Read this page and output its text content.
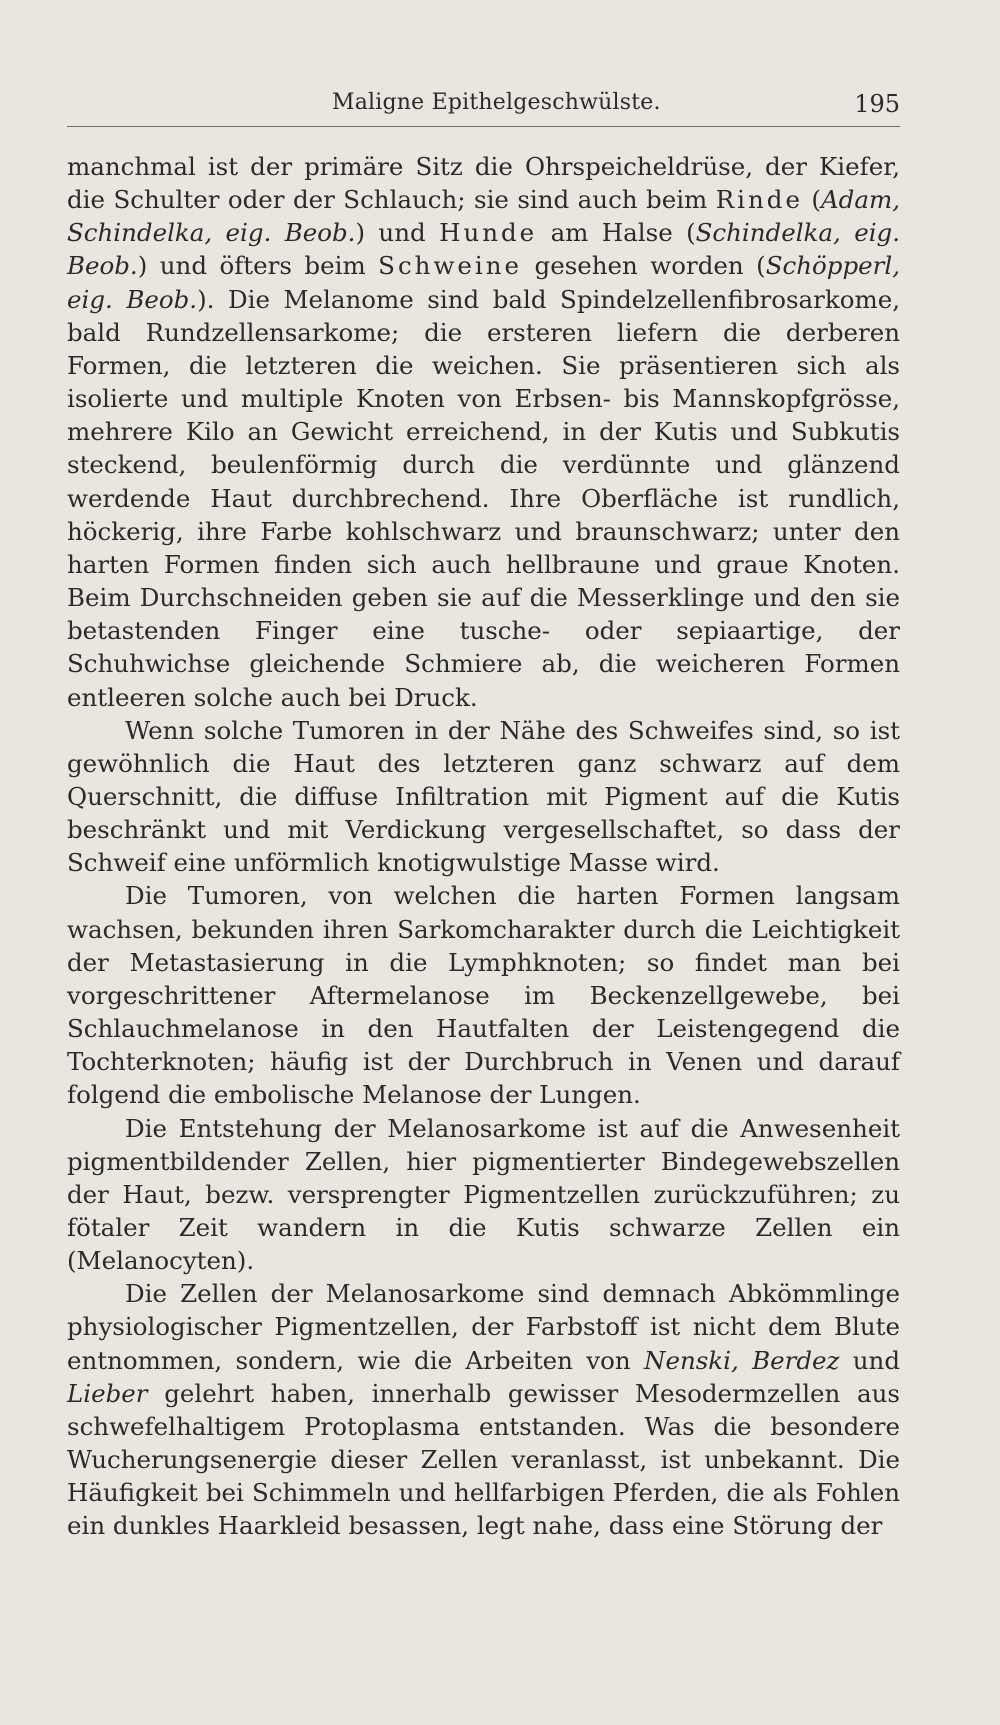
Maligne Epithelgeschwülste.	195

manchmal ist der primäre Sitz die Ohrspeicheldrüse, der Kiefer, die Schulter oder der Schlauch; sie sind auch beim Rinde (Adam, Schindelka, eig. Beob.) und Hunde am Halse (Schindelka, eig. Beob.) und öfters beim Schweine gesehen worden (Schöpperl, eig. Beob.). Die Melanome sind bald Spindelzellenfibrosarkome, bald Rundzellensarkome; die ersteren liefern die derberen Formen, die letzteren die weichen. Sie präsentieren sich als isolierte und multiple Knoten von Erbsen- bis Mannskopfgrösse, mehrere Kilo an Gewicht erreichend, in der Kutis und Subkutis steckend, beulenförmig durch die verdünnte und glänzend werdende Haut durchbrechend. Ihre Oberfläche ist rundlich, höckerig, ihre Farbe kohlschwarz und braunschwarz; unter den harten Formen finden sich auch hellbraune und graue Knoten. Beim Durchschneiden geben sie auf die Messerklinge und den sie betastenden Finger eine tusche- oder sepiaartige, der Schuhwichse gleichende Schmiere ab, die weicheren Formen entleeren solche auch bei Druck.

Wenn solche Tumoren in der Nähe des Schweifes sind, so ist gewöhnlich die Haut des letzteren ganz schwarz auf dem Querschnitt, die diffuse Infiltration mit Pigment auf die Kutis beschränkt und mit Verdickung vergesellschaftet, so dass der Schweif eine unförmlich knotigwulstige Masse wird.

Die Tumoren, von welchen die harten Formen langsam wachsen, bekunden ihren Sarkomcharakter durch die Leichtigkeit der Metastasierung in die Lymphknoten; so findet man bei vorgeschrittener Aftermelanose im Beckenzellgewebe, bei Schlauchmelanose in den Hautfalten der Leistengegend die Tochterknoten; häufig ist der Durchbruch in Venen und darauf folgend die embolische Melanose der Lungen.

Die Entstehung der Melanosarkome ist auf die Anwesenheit pigmentbildender Zellen, hier pigmentierter Bindegewebszellen der Haut, bezw. versprengter Pigmentzellen zurückzuführen; zu fötaler Zeit wandern in die Kutis schwarze Zellen ein (Melanocyten).

Die Zellen der Melanosarkome sind demnach Abkömmlinge physiologischer Pigmentzellen, der Farbstoff ist nicht dem Blute entnommen, sondern, wie die Arbeiten von Nenski, Berdez und Lieber gelehrt haben, innerhalb gewisser Mesodermzellen aus schwefelhaltigem Protoplasma entstanden. Was die besondere Wucherungsenergie dieser Zellen veranlasst, ist unbekannt. Die Häufigkeit bei Schimmeln und hellfarbigen Pferden, die als Fohlen ein dunkles Haarkleid besassen, legt nahe, dass eine Störung der
